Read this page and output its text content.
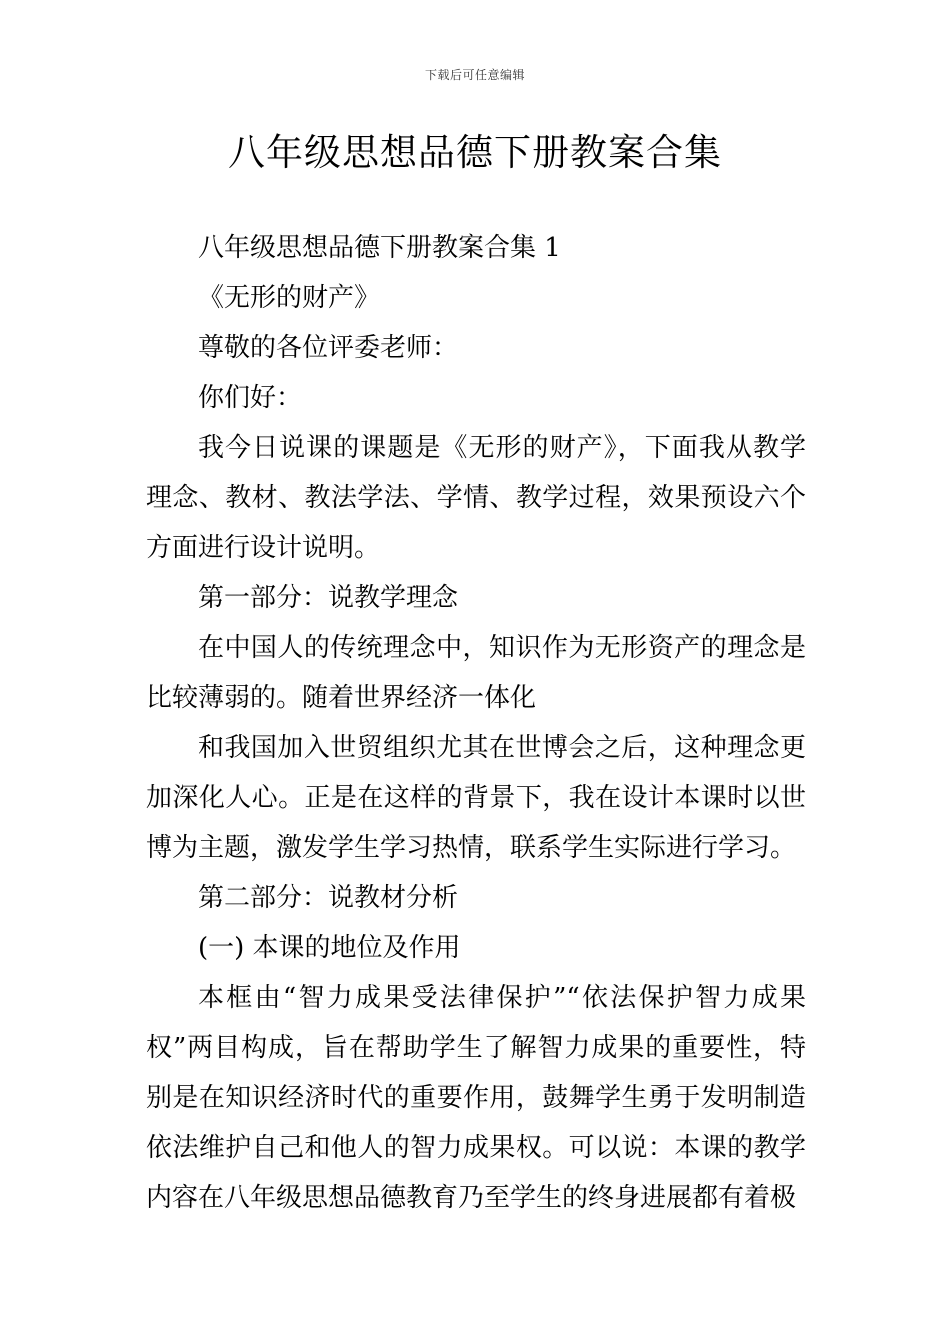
下载后可任意编辑
八年级思想品德下册教案合集

八年级思想品德下册教案合集 1

《无形的财产》

尊敬的各位评委老师：

你们好：

我今日说课的课题是《无形的财产》，下面我从教学理念、教材、教法学法、学情、教学过程，效果预设六个方面进行设计说明。

第一部分：说教学理念

在中国人的传统理念中，知识作为无形资产的理念是比较薄弱的。随着世界经济一体化

和我国加入世贸组织尤其在世博会之后，这种理念更加深化人心。正是在这样的背景下，我在设计本课时以世博为主题，激发学生学习热情，联系学生实际进行学习。

第二部分：说教材分析

(一) 本课的地位及作用

本框由“智力成果受法律保护”“依法保护智力成果权”两目构成，旨在帮助学生了解智力成果的重要性，特别是在知识经济时代的重要作用，鼓舞学生勇于发明制造依法维护自己和他人的智力成果权。可以说：本课的教学内容在八年级思想品德教育乃至学生的终身进展都有着极
